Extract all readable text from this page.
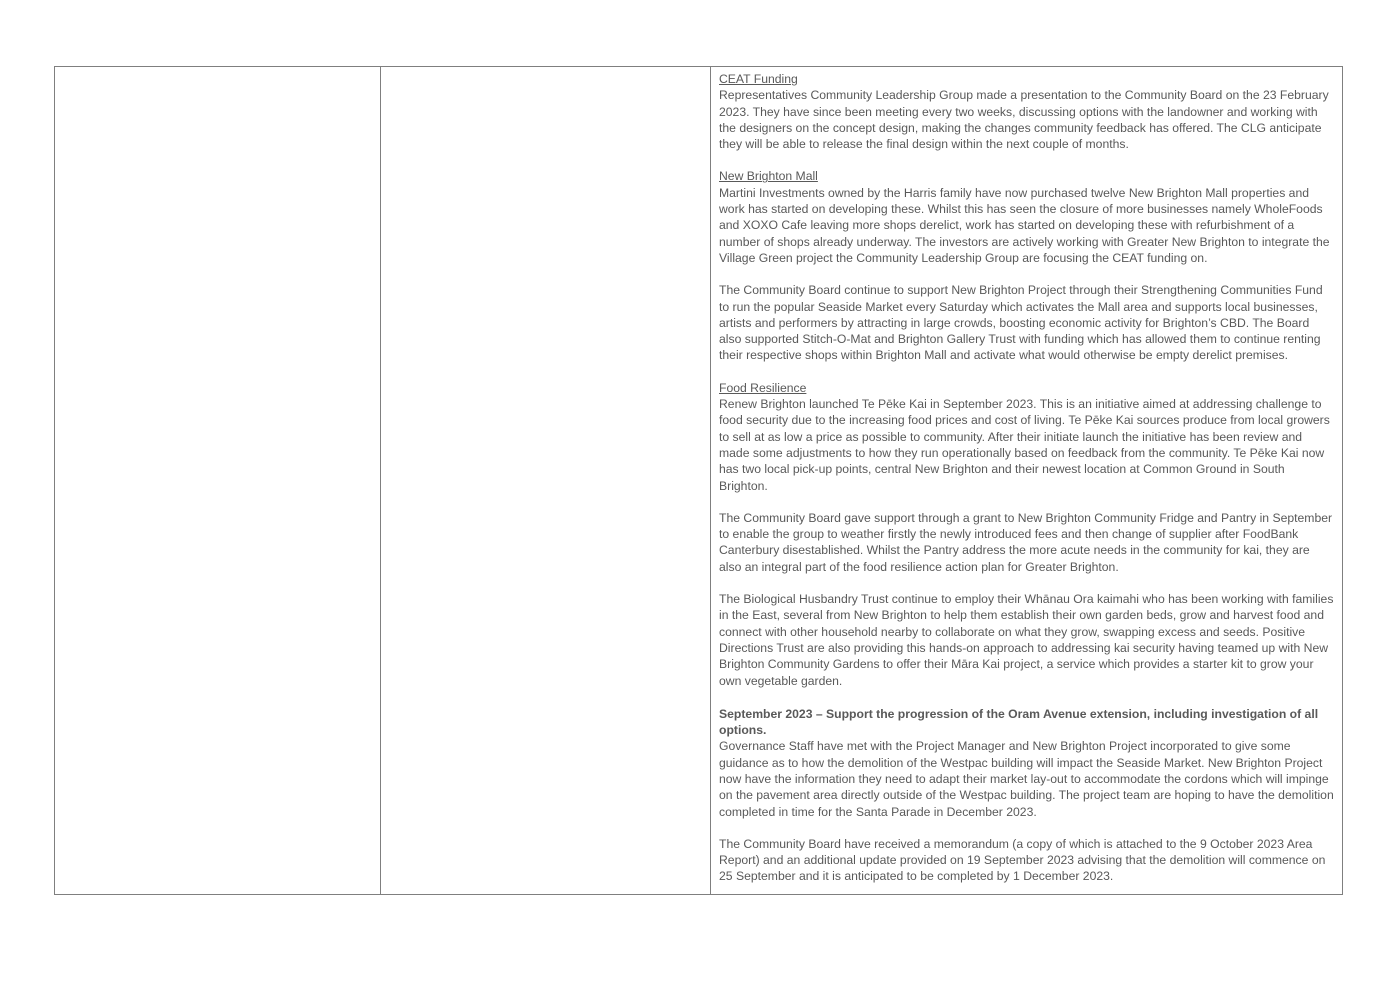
CEAT Funding

Representatives Community Leadership Group made a presentation to the Community Board on the 23 February 2023. They have since been meeting every two weeks, discussing options with the landowner and working with the designers on the concept design, making the changes community feedback has offered. The CLG anticipate they will be able to release the final design within the next couple of months.

New Brighton Mall

Martini Investments owned by the Harris family have now purchased twelve New Brighton Mall properties and work has started on developing these. Whilst this has seen the closure of more businesses namely WholeFoods and XOXO Cafe leaving more shops derelict, work has started on developing these with refurbishment of a number of shops already underway. The investors are actively working with Greater New Brighton to integrate the Village Green project the Community Leadership Group are focusing the CEAT funding on.

The Community Board continue to support New Brighton Project through their Strengthening Communities Fund to run the popular Seaside Market every Saturday which activates the Mall area and supports local businesses, artists and performers by attracting in large crowds, boosting economic activity for Brighton’s CBD. The Board also supported Stitch-O-Mat and Brighton Gallery Trust with funding which has allowed them to continue renting their respective shops within Brighton Mall and activate what would otherwise be empty derelict premises.

Food Resilience

Renew Brighton launched Te Pēke Kai in September 2023. This is an initiative aimed at addressing challenge to food security due to the increasing food prices and cost of living. Te Pēke Kai sources produce from local growers to sell at as low a price as possible to community. After their initiate launch the initiative has been review and made some adjustments to how they run operationally based on feedback from the community. Te Pēke Kai now has two local pick-up points, central New Brighton and their newest location at Common Ground in South Brighton.

The Community Board gave support through a grant to New Brighton Community Fridge and Pantry in September to enable the group to weather firstly the newly introduced fees and then change of supplier after FoodBank Canterbury disestablished. Whilst the Pantry address the more acute needs in the community for kai, they are also an integral part of the food resilience action plan for Greater Brighton.

The Biological Husbandry Trust continue to employ their Whānau Ora kaimahi who has been working with families in the East, several from New Brighton to help them establish their own garden beds, grow and harvest food and connect with other household nearby to collaborate on what they grow, swapping excess and seeds. Positive Directions Trust are also providing this hands-on approach to addressing kai security having teamed up with New Brighton Community Gardens to offer their Māra Kai project, a service which provides a starter kit to grow your own vegetable garden.

September 2023 – Support the progression of the Oram Avenue extension, including investigation of all options.

Governance Staff have met with the Project Manager and New Brighton Project incorporated to give some guidance as to how the demolition of the Westpac building will impact the Seaside Market. New Brighton Project now have the information they need to adapt their market lay-out to accommodate the cordons which will impinge on the pavement area directly outside of the Westpac building. The project team are hoping to have the demolition completed in time for the Santa Parade in December 2023.

The Community Board have received a memorandum (a copy of which is attached to the 9 October 2023 Area Report) and an additional update provided on 19 September 2023 advising that the demolition will commence on 25 September and it is anticipated to be completed by 1 December 2023.
